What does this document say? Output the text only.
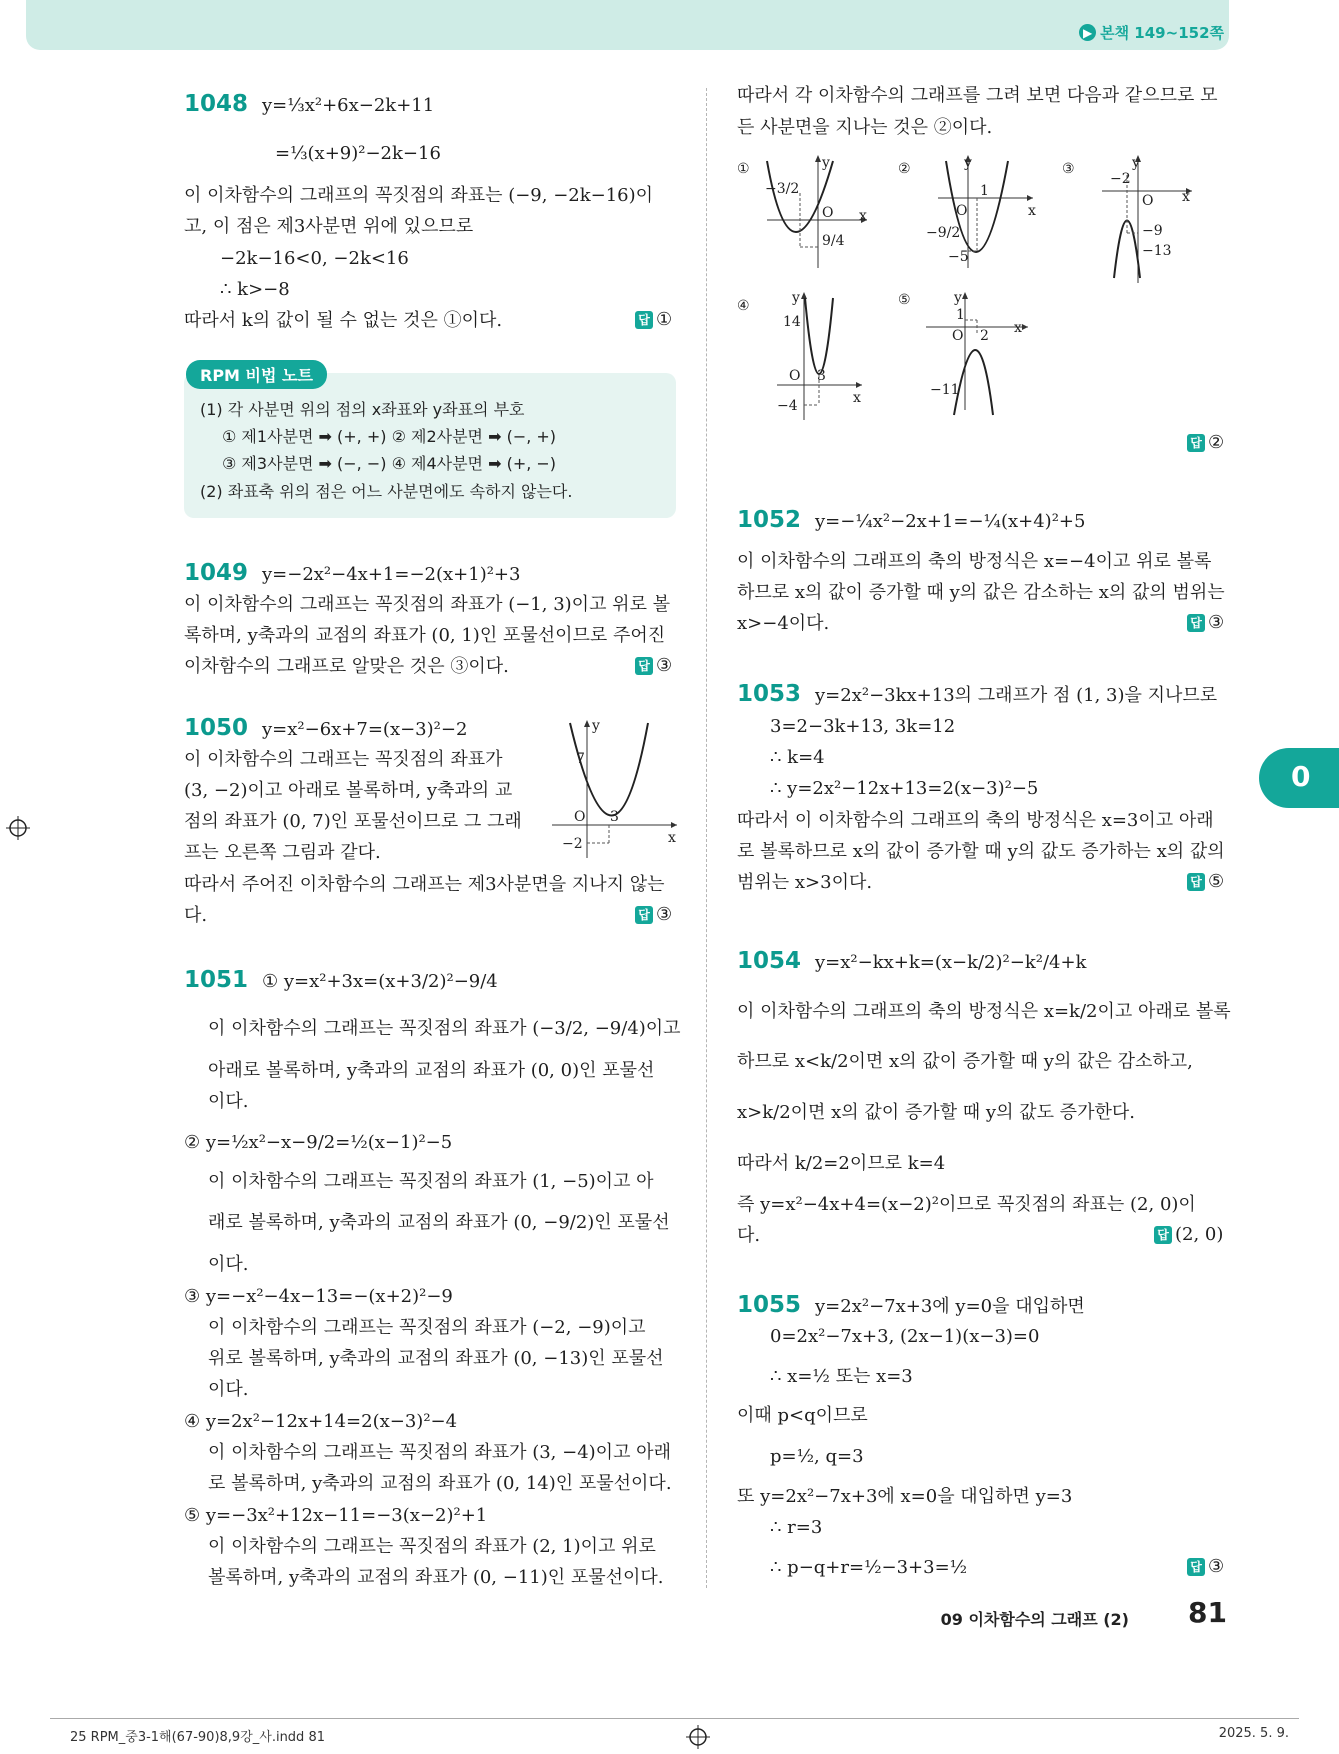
▶ 본책 149~152쪽
1048 y=⅓x²+6x−2k+11
=⅓(x+9)²−2k−16
이 이차함수의 그래프의 꼭짓점의 좌표는 (−9, −2k−16)이
고, 이 점은 제3사분면 위에 있으므로
−2k−16<0, −2k<16
∴ k>−8
따라서 k의 값이 될 수 없는 것은 ①이다.	답 ①
RPM 비법 노트
(1) 각 사분면 위의 점의 x좌표와 y좌표의 부호
① 제1사분면 ➡ (+, +) ② 제2사분면 ➡ (−, +)
③ 제3사분면 ➡ (−, −) ④ 제4사분면 ➡ (+, −)
(2) 좌표축 위의 점은 어느 사분면에도 속하지 않는다.
1049 y=−2x²−4x+1=−2(x+1)²+3
이 이차함수의 그래프는 꼭짓점의 좌표가 (−1, 3)이고 위로 볼
록하며, y축과의 교점의 좌표가 (0, 1)인 포물선이므로 주어진
이차함수의 그래프로 알맞은 것은 ③이다.	답 ③
1050 y=x²−6x+7=(x−3)²−2
이 이차함수의 그래프는 꼭짓점의 좌표가
(3, −2)이고 아래로 볼록하며, y축과의 교
점의 좌표가 (0, 7)인 포물선이므로 그 그래
프는 오른쪽 그림과 같다.
따라서 주어진 이차함수의 그래프는 제3사분면을 지나지 않는
다.	답 ③
y
x
O
7
3
−2
1051 ① y=x²+3x=(x+3/2)²−9/4
이 이차함수의 그래프는 꼭짓점의 좌표가 (−3/2, −9/4)이고
아래로 볼록하며, y축과의 교점의 좌표가 (0, 0)인 포물선
이다.
② y=½x²−x−9/2=½(x−1)²−5
이 이차함수의 그래프는 꼭짓점의 좌표가 (1, −5)이고 아
래로 볼록하며, y축과의 교점의 좌표가 (0, −9/2)인 포물선
이다.
③ y=−x²−4x−13=−(x+2)²−9
이 이차함수의 그래프는 꼭짓점의 좌표가 (−2, −9)이고
위로 볼록하며, y축과의 교점의 좌표가 (0, −13)인 포물선
이다.
④ y=2x²−12x+14=2(x−3)²−4
이 이차함수의 그래프는 꼭짓점의 좌표가 (3, −4)이고 아래
로 볼록하며, y축과의 교점의 좌표가 (0, 14)인 포물선이다.
⑤ y=−3x²+12x−11=−3(x−2)²+1
이 이차함수의 그래프는 꼭짓점의 좌표가 (2, 1)이고 위로
볼록하며, y축과의 교점의 좌표가 (0, −11)인 포물선이다.
따라서 각 이차함수의 그래프를 그려 보면 다음과 같으므로 모
든 사분면을 지나는 것은 ②이다.
①	y
x
O
−3/2
9/4
②	y
x
O
1
−9/2
−5
③	y
x
O
−2
−9
−13
④	y
x
O
14
3
−4
⑤	y
x
O
1
2
−11
답 ②
1052 y=−¼x²−2x+1=−¼(x+4)²+5
이 이차함수의 그래프의 축의 방정식은 x=−4이고 위로 볼록
하므로 x의 값이 증가할 때 y의 값은 감소하는 x의 값의 범위는
x>−4이다.	답 ③
1053 y=2x²−3kx+13의 그래프가 점 (1, 3)을 지나므로
3=2−3k+13, 3k=12
∴ k=4
∴ y=2x²−12x+13=2(x−3)²−5
따라서 이 이차함수의 그래프의 축의 방정식은 x=3이고 아래
로 볼록하므로 x의 값이 증가할 때 y의 값도 증가하는 x의 값의
범위는 x>3이다.	답 ⑤
1054 y=x²−kx+k=(x−k/2)²−k²/4+k
이 이차함수의 그래프의 축의 방정식은 x=k/2이고 아래로 볼록
하므로 x<k/2이면 x의 값이 증가할 때 y의 값은 감소하고,
x>k/2이면 x의 값이 증가할 때 y의 값도 증가한다.
따라서 k/2=2이므로 k=4
즉 y=x²−4x+4=(x−2)²이므로 꼭짓점의 좌표는 (2, 0)이
다.	답 (2, 0)
1055 y=2x²−7x+3에 y=0을 대입하면
0=2x²−7x+3, (2x−1)(x−3)=0
∴ x=½ 또는 x=3
이때 p<q이므로
p=½, q=3
또 y=2x²−7x+3에 x=0을 대입하면 y=3
∴ r=3
∴ p−q+r=½−3+3=½	답 ③
0
09 이차함수의 그래프 (2) 81
25 RPM_중3-1해(67-90)8,9강_사.indd 81	2025. 5. 9.
